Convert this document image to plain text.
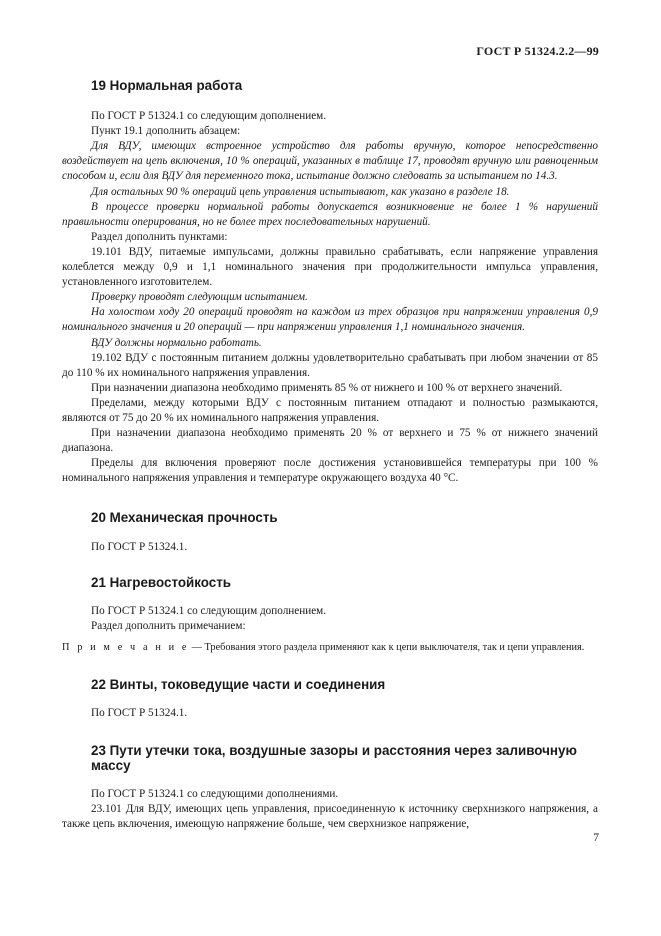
ГОСТ Р 51324.2.2—99
19 Нормальная работа

По ГОСТ Р 51324.1 со следующим дополнением.

Пункт 19.1 дополнить абзацем:

Для ВДУ, имеющих встроенное устройство для работы вручную, которое непосредственно воздействует на цепь включения, 10 % операций, указанных в таблице 17, проводят вручную или равноценным способом и, если для ВДУ для переменного тока, испытание должно следовать за испытанием по 14.3.

Для остальных 90 % операций цепь управления испытывают, как указано в разделе 18.

В процессе проверки нормальной работы допускается возникновение не более 1 % нарушений правильности оперирования, но не более трех последовательных нарушений.

Раздел дополнить пунктами:

19.101 ВДУ, питаемые импульсами, должны правильно срабатывать, если напряжение управления колеблется между 0,9 и 1,1 номинального значения при продолжительности импульса управления, установленного изготовителем.

Проверку проводят следующим испытанием.

На холостом ходу 20 операций проводят на каждом из трех образцов при напряжении управления 0,9 номинального значения и 20 операций — при напряжении управления 1,1 номинального значения.

ВДУ должны нормально работать.

19.102 ВДУ с постоянным питанием должны удовлетворительно срабатывать при любом значении от 85 до 110 % их номинального напряжения управления.

При назначении диапазона необходимо применять 85 % от нижнего и 100 % от верхнего значений.

Пределами, между которыми ВДУ с постоянным питанием отпадают и полностью размыкаются, являются от 75 до 20 % их номинального напряжения управления.

При назначении диапазона необходимо применять 20 % от верхнего и 75 % от нижнего значений диапазона.

Пределы для включения проверяют после достижения установившейся температуры при 100 % номинального напряжения управления и температуре окружающего воздуха 40 °С.

20 Механическая прочность

По ГОСТ Р 51324.1.

21 Нагревостойкость

По ГОСТ Р 51324.1 со следующим дополнением.

Раздел дополнить примечанием:

П р и м е ч а н и е — Требования этого раздела применяют как к цепи выключателя, так и цепи управления.

22 Винты, токоведущие части и соединения

По ГОСТ Р 51324.1.

23 Пути утечки тока, воздушные зазоры и расстояния через заливочную массу

По ГОСТ Р 51324.1 со следующими дополнениями.

23.101 Для ВДУ, имеющих цепь управления, присоединенную к источнику сверхнизкого напряжения, а также цепь включения, имеющую напряжение больше, чем сверхнизкое напряжение,

7
